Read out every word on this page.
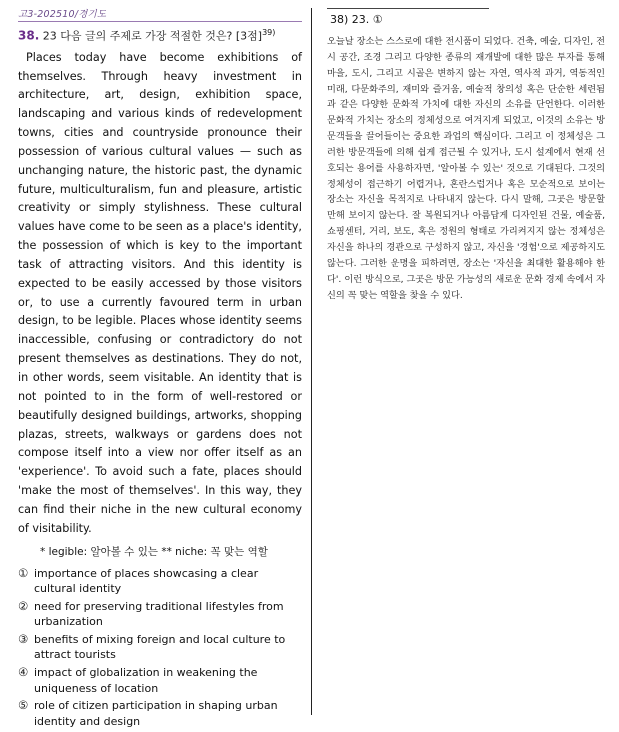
고3-202510/경기도
38. 23 다음 글의 주제로 가장 적절한 것은? [3점]$^{39)}$
Places today have become exhibitions of themselves. Through heavy investment in architecture, art, design, exhibition space, landscaping and various kinds of redevelopment towns, cities and countryside pronounce their possession of various cultural values — such as unchanging nature, the historic past, the dynamic future, multiculturalism, fun and pleasure, artistic creativity or simply stylishness. These cultural values have come to be seen as a place's identity, the possession of which is key to the important task of attracting visitors. And this identity is expected to be easily accessed by those visitors or, to use a currently favoured term in urban design, to be legible. Places whose identity seems inaccessible, confusing or contradictory do not present themselves as destinations. They do not, in other words, seem visitable. An identity that is not pointed to in the form of well-restored or beautifully designed buildings, artworks, shopping plazas, streets, walkways or gardens does not compose itself into a view nor offer itself as an 'experience'. To avoid such a fate, places should 'make the most of themselves'. In this way, they can find their niche in the new cultural economy of visitability.
* legible: 알아볼 수 있는 ** niche: 꼭 맞는 역할
① importance of places showcasing a clear cultural identity
② need for preserving traditional lifestyles from urbanization
③ benefits of mixing foreign and local culture to attract tourists
④ impact of globalization in weakening the uniqueness of location
⑤ role of citizen participation in shaping urban identity and design
38) 23. ①
오늘날 장소는 스스로에 대한 전시품이 되었다. 건축, 예술, 디자인, 전시 공간, 조경 그리고 다양한 종류의 재개발에 대한 많은 투자를 통해 마을, 도시, 그리고 시골은 변하지 않는 자연, 역사적 과거, 역동적인 미래, 다문화주의, 재미와 즐거움, 예술적 창의성 혹은 단순한 세련됨과 같은 다양한 문화적 가치에 대한 자신의 소유를 단언한다. 이러한 문화적 가치는 장소의 정체성으로 여겨지게 되었고, 이것의 소유는 방문객들을 끌어들이는 중요한 과업의 핵심이다. 그리고 이 정체성은 그러한 방문객들에 의해 쉽게 접근될 수 있거나, 도시 설계에서 현재 선호되는 용어를 사용하자면, '알아볼 수 있는' 것으로 기대된다. 그것의 정체성이 접근하기 어렵거나, 혼란스럽거나 혹은 모순적으로 보이는 장소는 자신을 목적지로 나타내지 않는다. 다시 말해, 그곳은 방문할 만해 보이지 않는다. 잘 복원되거나 아름답게 디자인된 건물, 예술품, 쇼핑센터, 거리, 보도, 혹은 정원의 형태로 가리켜지지 않는 정체성은 자신을 하나의 경관으로 구성하지 않고, 자신을 '경험'으로 제공하지도 않는다. 그러한 운명을 피하려면, 장소는 '자신을 최대한 활용해야 한다'. 이런 방식으로, 그곳은 방문 가능성의 새로운 문화 경제 속에서 자신의 꼭 맞는 역할을 찾을 수 있다.
